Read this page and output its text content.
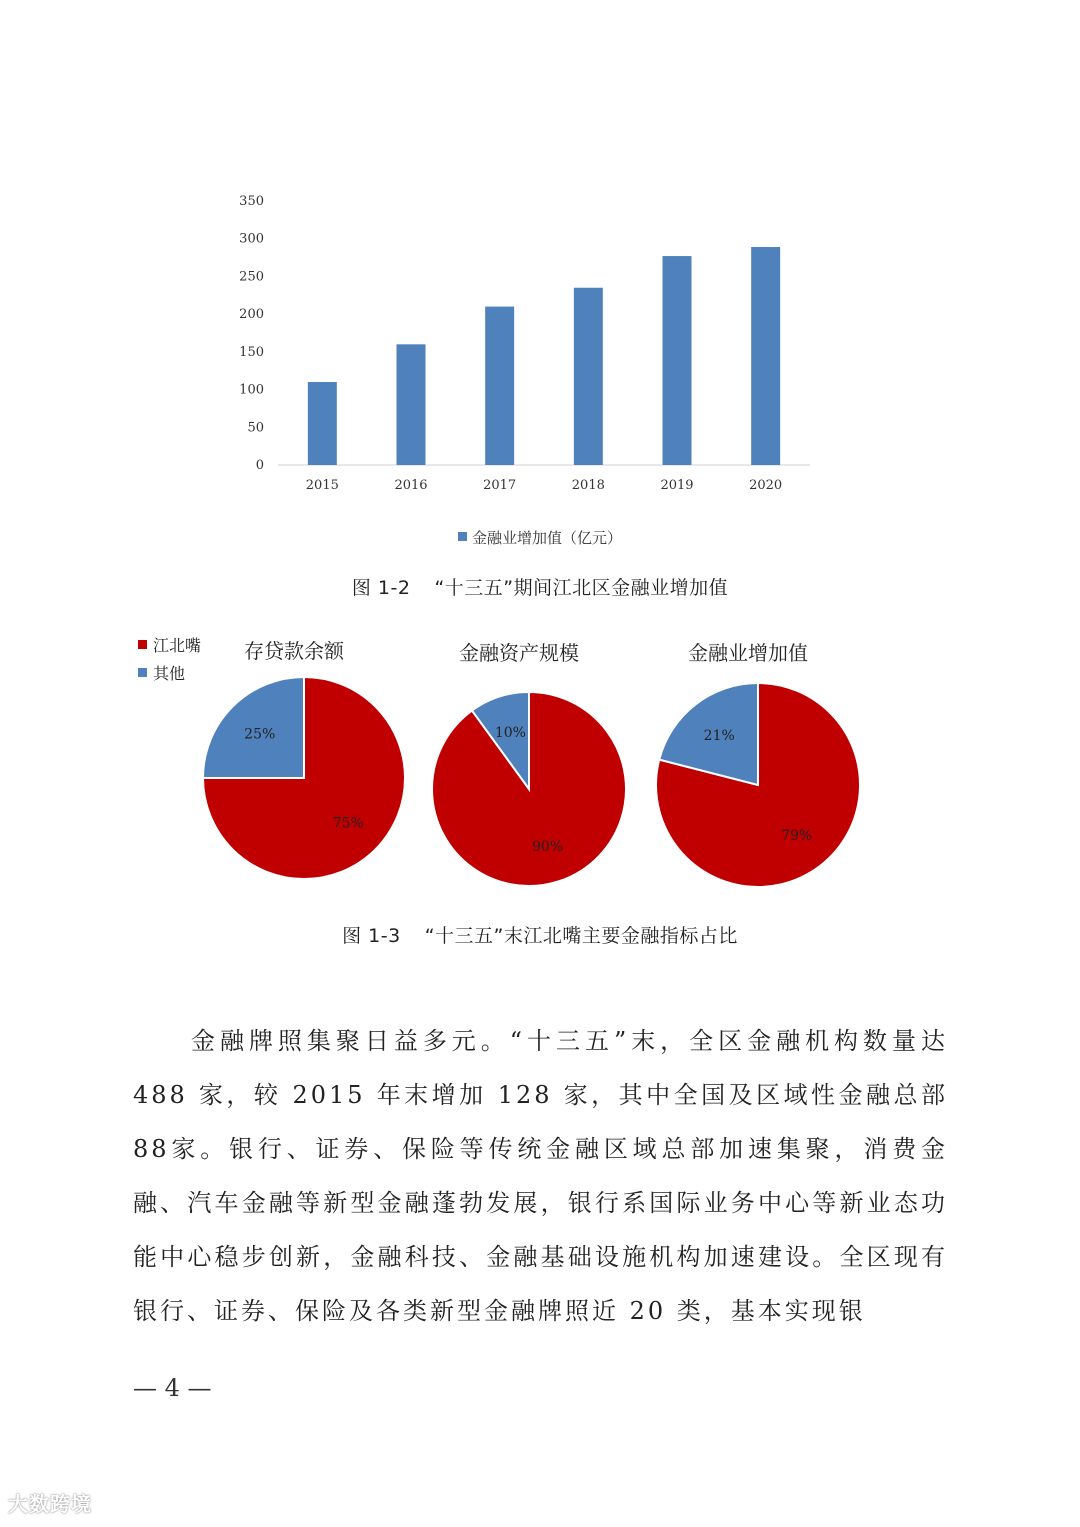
0
50
100
150
200
250
300
350
2015	2016	2017	2018	2019	2020
金融业增加值（亿元）
图 1-2 “十三五”期间江北区金融业增加值
江北嘴
其他
存贷款余额
75%
25%
金融资产规模
90%
10%
金融业增加值
79%
21%
图 1-3 “十三五”末江北嘴主要金融指标占比
金融牌照集聚日益多元。“十三五”末，全区金融机构数量达488 家，较 2015 年末增加 128 家，其中全国及区域性金融总部 88家。银行、证券、保险等传统金融区域总部加速集聚，消费金融、汽车金融等新型金融蓬勃发展，银行系国际业务中心等新业态功能中心稳步创新，金融科技、金融基础设施机构加速建设。全区现有银行、证券、保险及各类新型金融牌照近 20 类，基本实现银
— 4 —
大数跨境
